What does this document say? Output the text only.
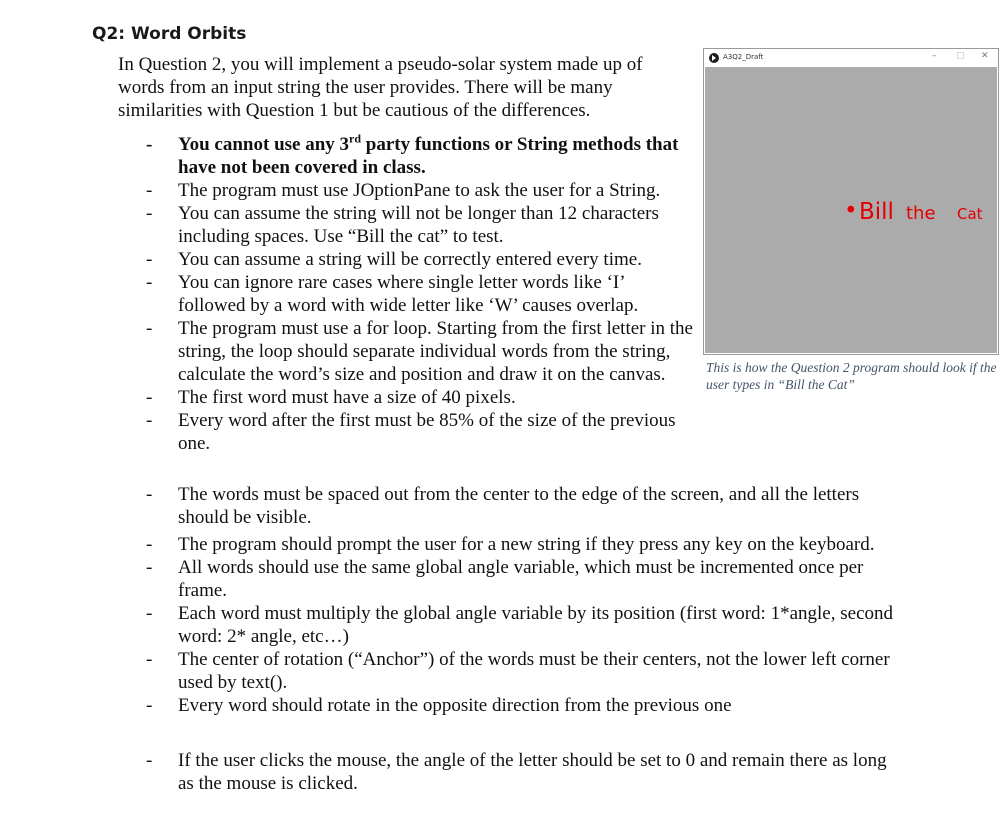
Q2: Word Orbits
In Question 2, you will implement a pseudo-solar system made up of words from an input string the user provides. There will be many similarities with Question 1 but be cautious of the differences.
- You cannot use any 3rd party functions or String methods that have not been covered in class.
- The program must use JOptionPane to ask the user for a String.
- You can assume the string will not be longer than 12 characters including spaces. Use “Bill the cat” to test.
- You can assume a string will be correctly entered every time.
- You can ignore rare cases where single letter words like ‘I’ followed by a word with wide letter like ‘W’ causes overlap.
- The program must use a for loop. Starting from the first letter in the string, the loop should separate individual words from the string, calculate the word’s size and position and draw it on the canvas.
- The first word must have a size of 40 pixels.
- Every word after the first must be 85% of the size of the previous one.
- The words must be spaced out from the center to the edge of the screen, and all the letters should be visible.
- The program should prompt the user for a new string if they press any key on the keyboard.
- All words should use the same global angle variable, which must be incremented once per frame.
- Each word must multiply the global angle variable by its position (first word: 1*angle, second word: 2* angle, etc…)
- The center of rotation (“Anchor”) of the words must be their centers, not the lower left corner used by text().
- Every word should rotate in the opposite direction from the previous one
- If the user clicks the mouse, the angle of the letter should be set to 0 and remain there as long as the mouse is clicked.
A3Q2_Draft	– □ ✕
• Bill the Cat
This is how the Question 2 program should look if the user types in “Bill the Cat”
